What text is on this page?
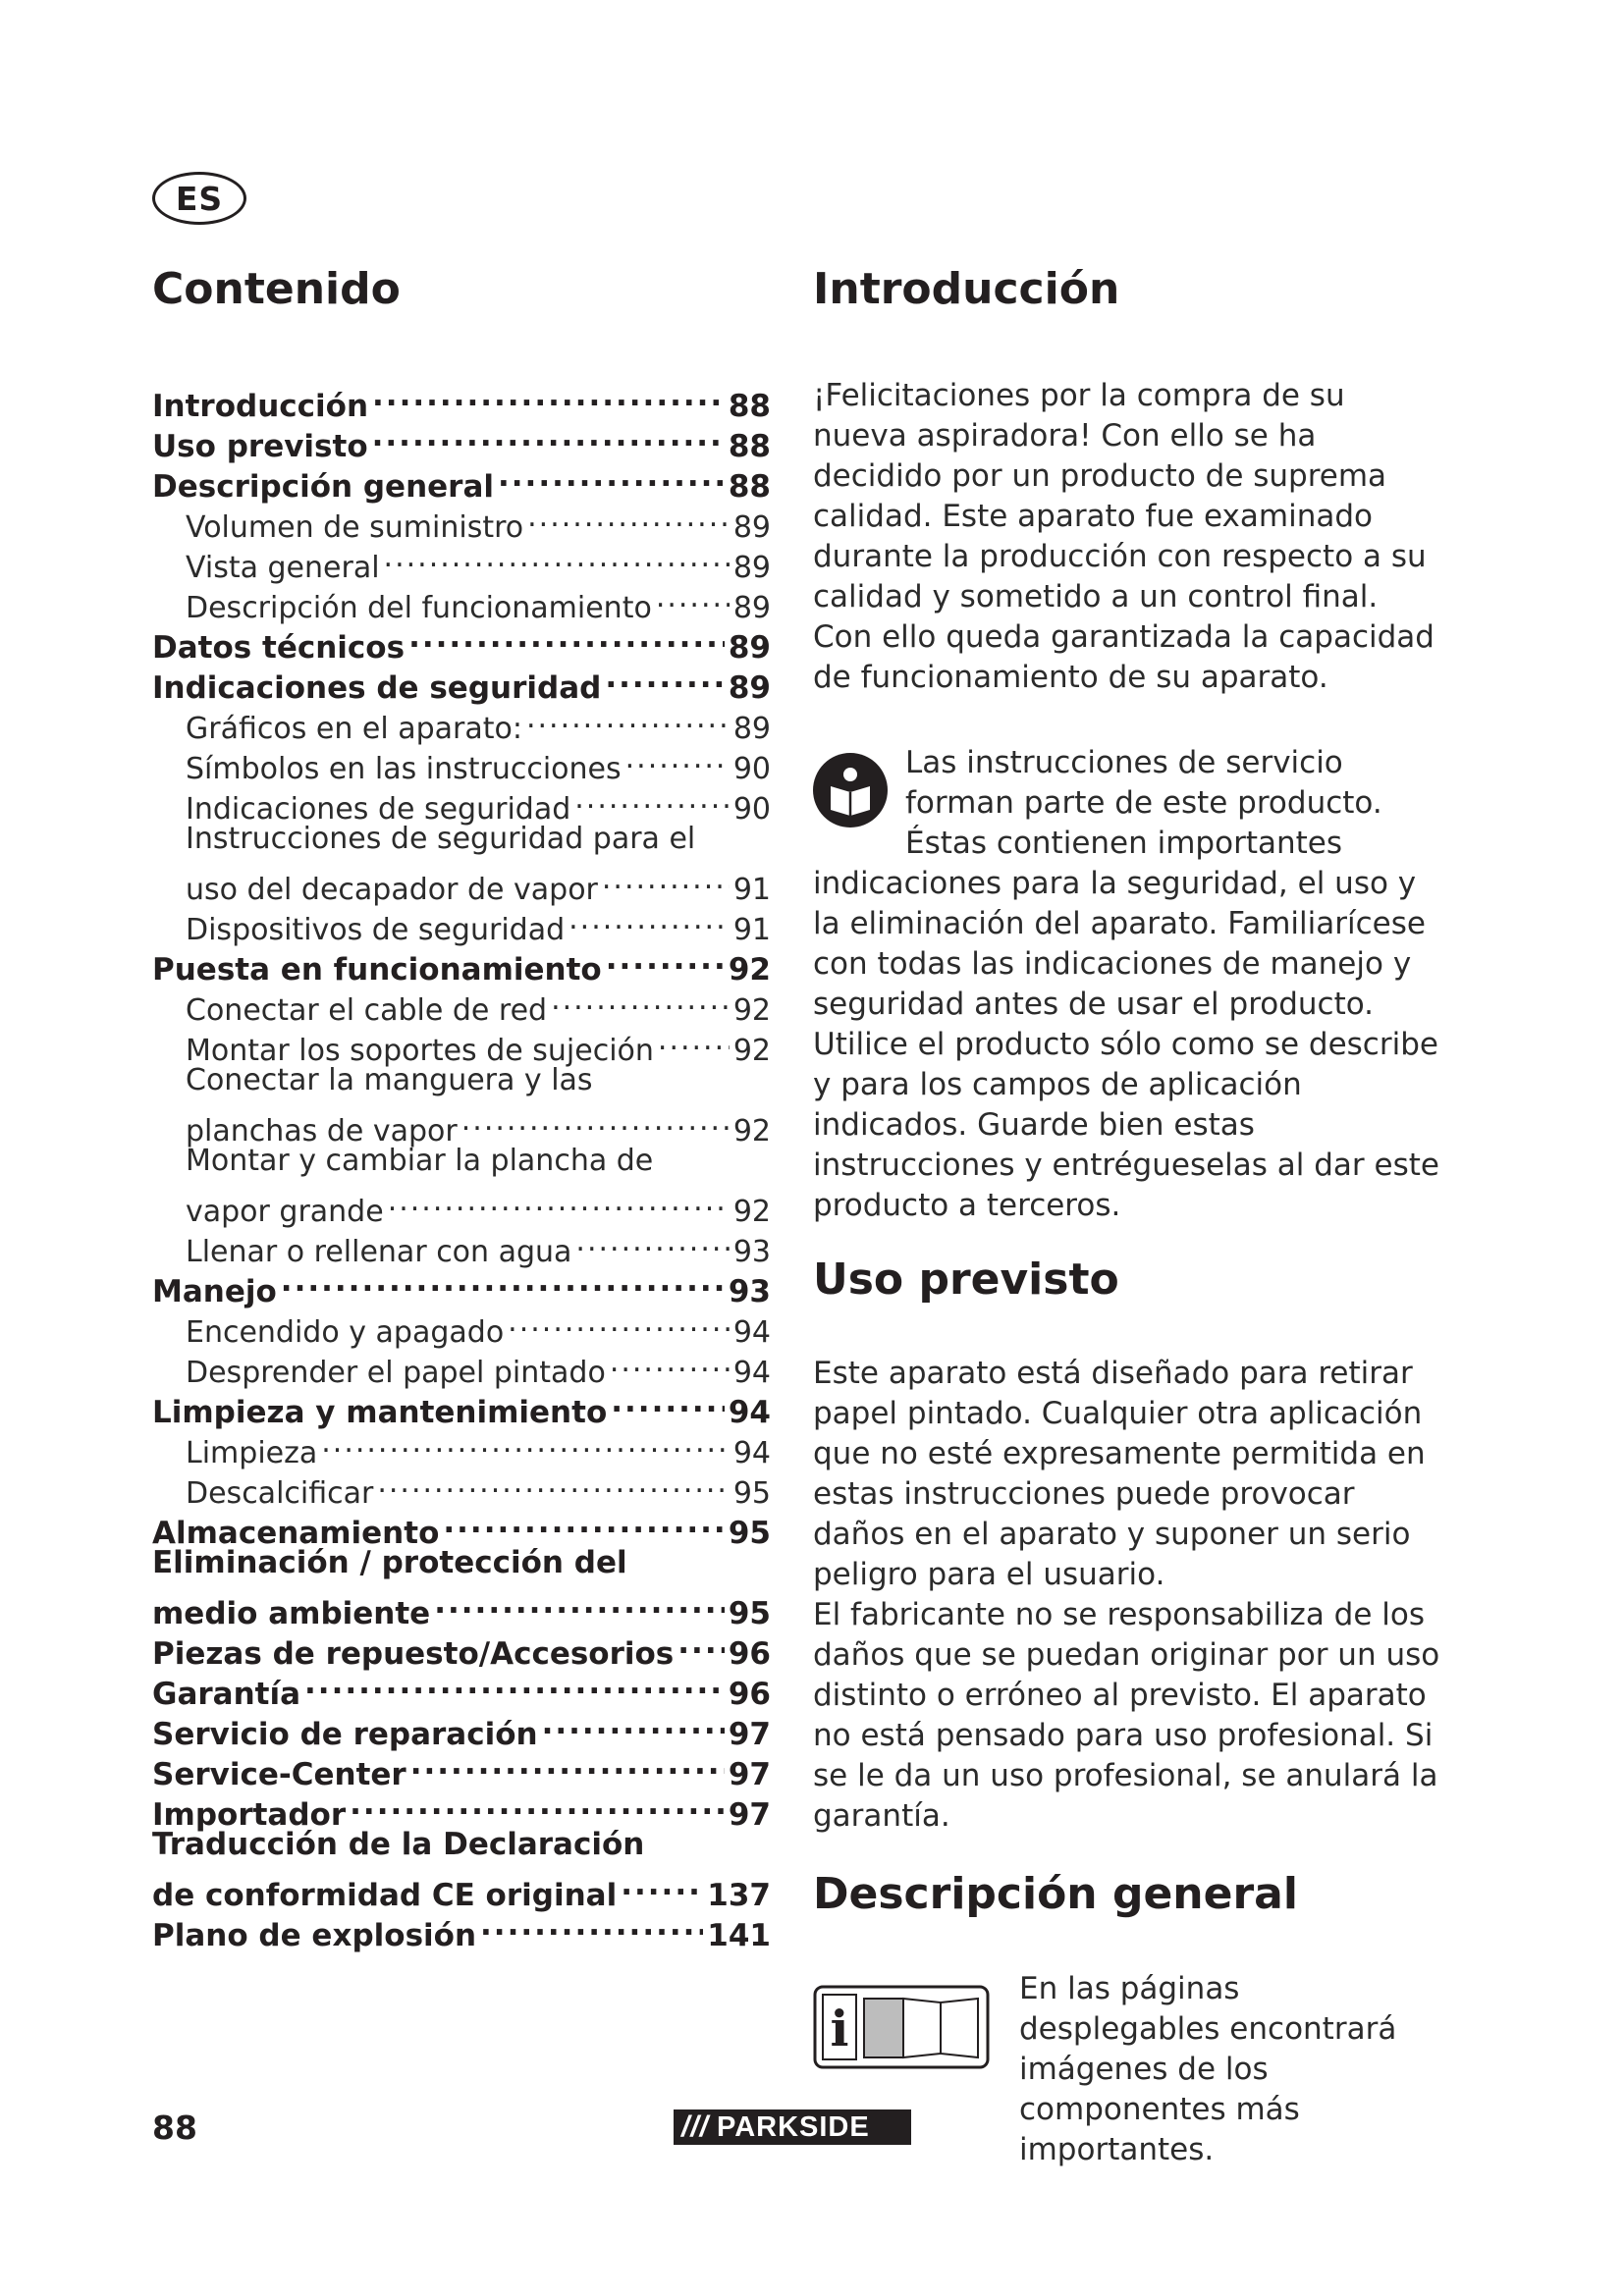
ES
Contenido
Introducción .....	88
Uso previsto .....	88
Descripción general .....	88
Volumen de suministro .....	89
Vista general .....	89
Descripción del funcionamiento .....	89
Datos técnicos .....	89
Indicaciones de seguridad .....	89
Gráficos en el aparato: .....	89
Símbolos en las instrucciones .....	90
Indicaciones de seguridad .....	90
Instrucciones de seguridad para el
uso del decapador de vapor .....	91
Dispositivos de seguridad .....	91
Puesta en funcionamiento .....	92
Conectar el cable de red .....	92
Montar los soportes de sujeción .....	92
Conectar la manguera y las
planchas de vapor .....	92
Montar y cambiar la plancha de
vapor grande .....	92
Llenar o rellenar con agua .....	93
Manejo .....	93
Encendido y apagado .....	94
Desprender el papel pintado .....	94
Limpieza y mantenimiento .....	94
Limpieza .....	94
Descalcificar .....	95
Almacenamiento .....	95
Eliminación / protección del
medio ambiente .....	95
Piezas de repuesto/Accesorios ..... 96
Garantía .....	96
Servicio de reparación .....	97
Service-Center .....	97
Importador .....	97
Traducción de la Declaración
de conformidad CE original .....	137
Plano de explosión .....	141
Introducción

¡Felicitaciones por la compra de su nueva aspiradora! Con ello se ha decidido por un producto de suprema calidad. Este aparato fue examinado durante la producción con respecto a su calidad y sometido a un control final. Con ello queda garantizada la capacidad de funcionamiento de su aparato.

Las instrucciones de servicio forman parte de este producto. Éstas contienen importantes indicaciones para la seguridad, el uso y la eliminación del aparato. Familiarícese con todas las indicaciones de manejo y seguridad antes de usar el producto. Utilice el producto sólo como se describe y para los campos de aplicación indicados. Guarde bien estas instrucciones y entrégueselas al dar este producto a terceros.

Uso previsto

Este aparato está diseñado para retirar papel pintado. Cualquier otra aplicación que no esté expresamente permitida en estas instrucciones puede provocar daños en el aparato y suponer un serio peligro para el usuario.

El fabricante no se responsabiliza de los daños que se puedan originar por un uso distinto o erróneo al previsto. El aparato no está pensado para uso profesional. Si se le da un uso profesional, se anulará la garantía.

Descripción general
i

En las páginas desplegables encontrará imágenes de los componentes más importantes.

88	/// PARKSIDE
